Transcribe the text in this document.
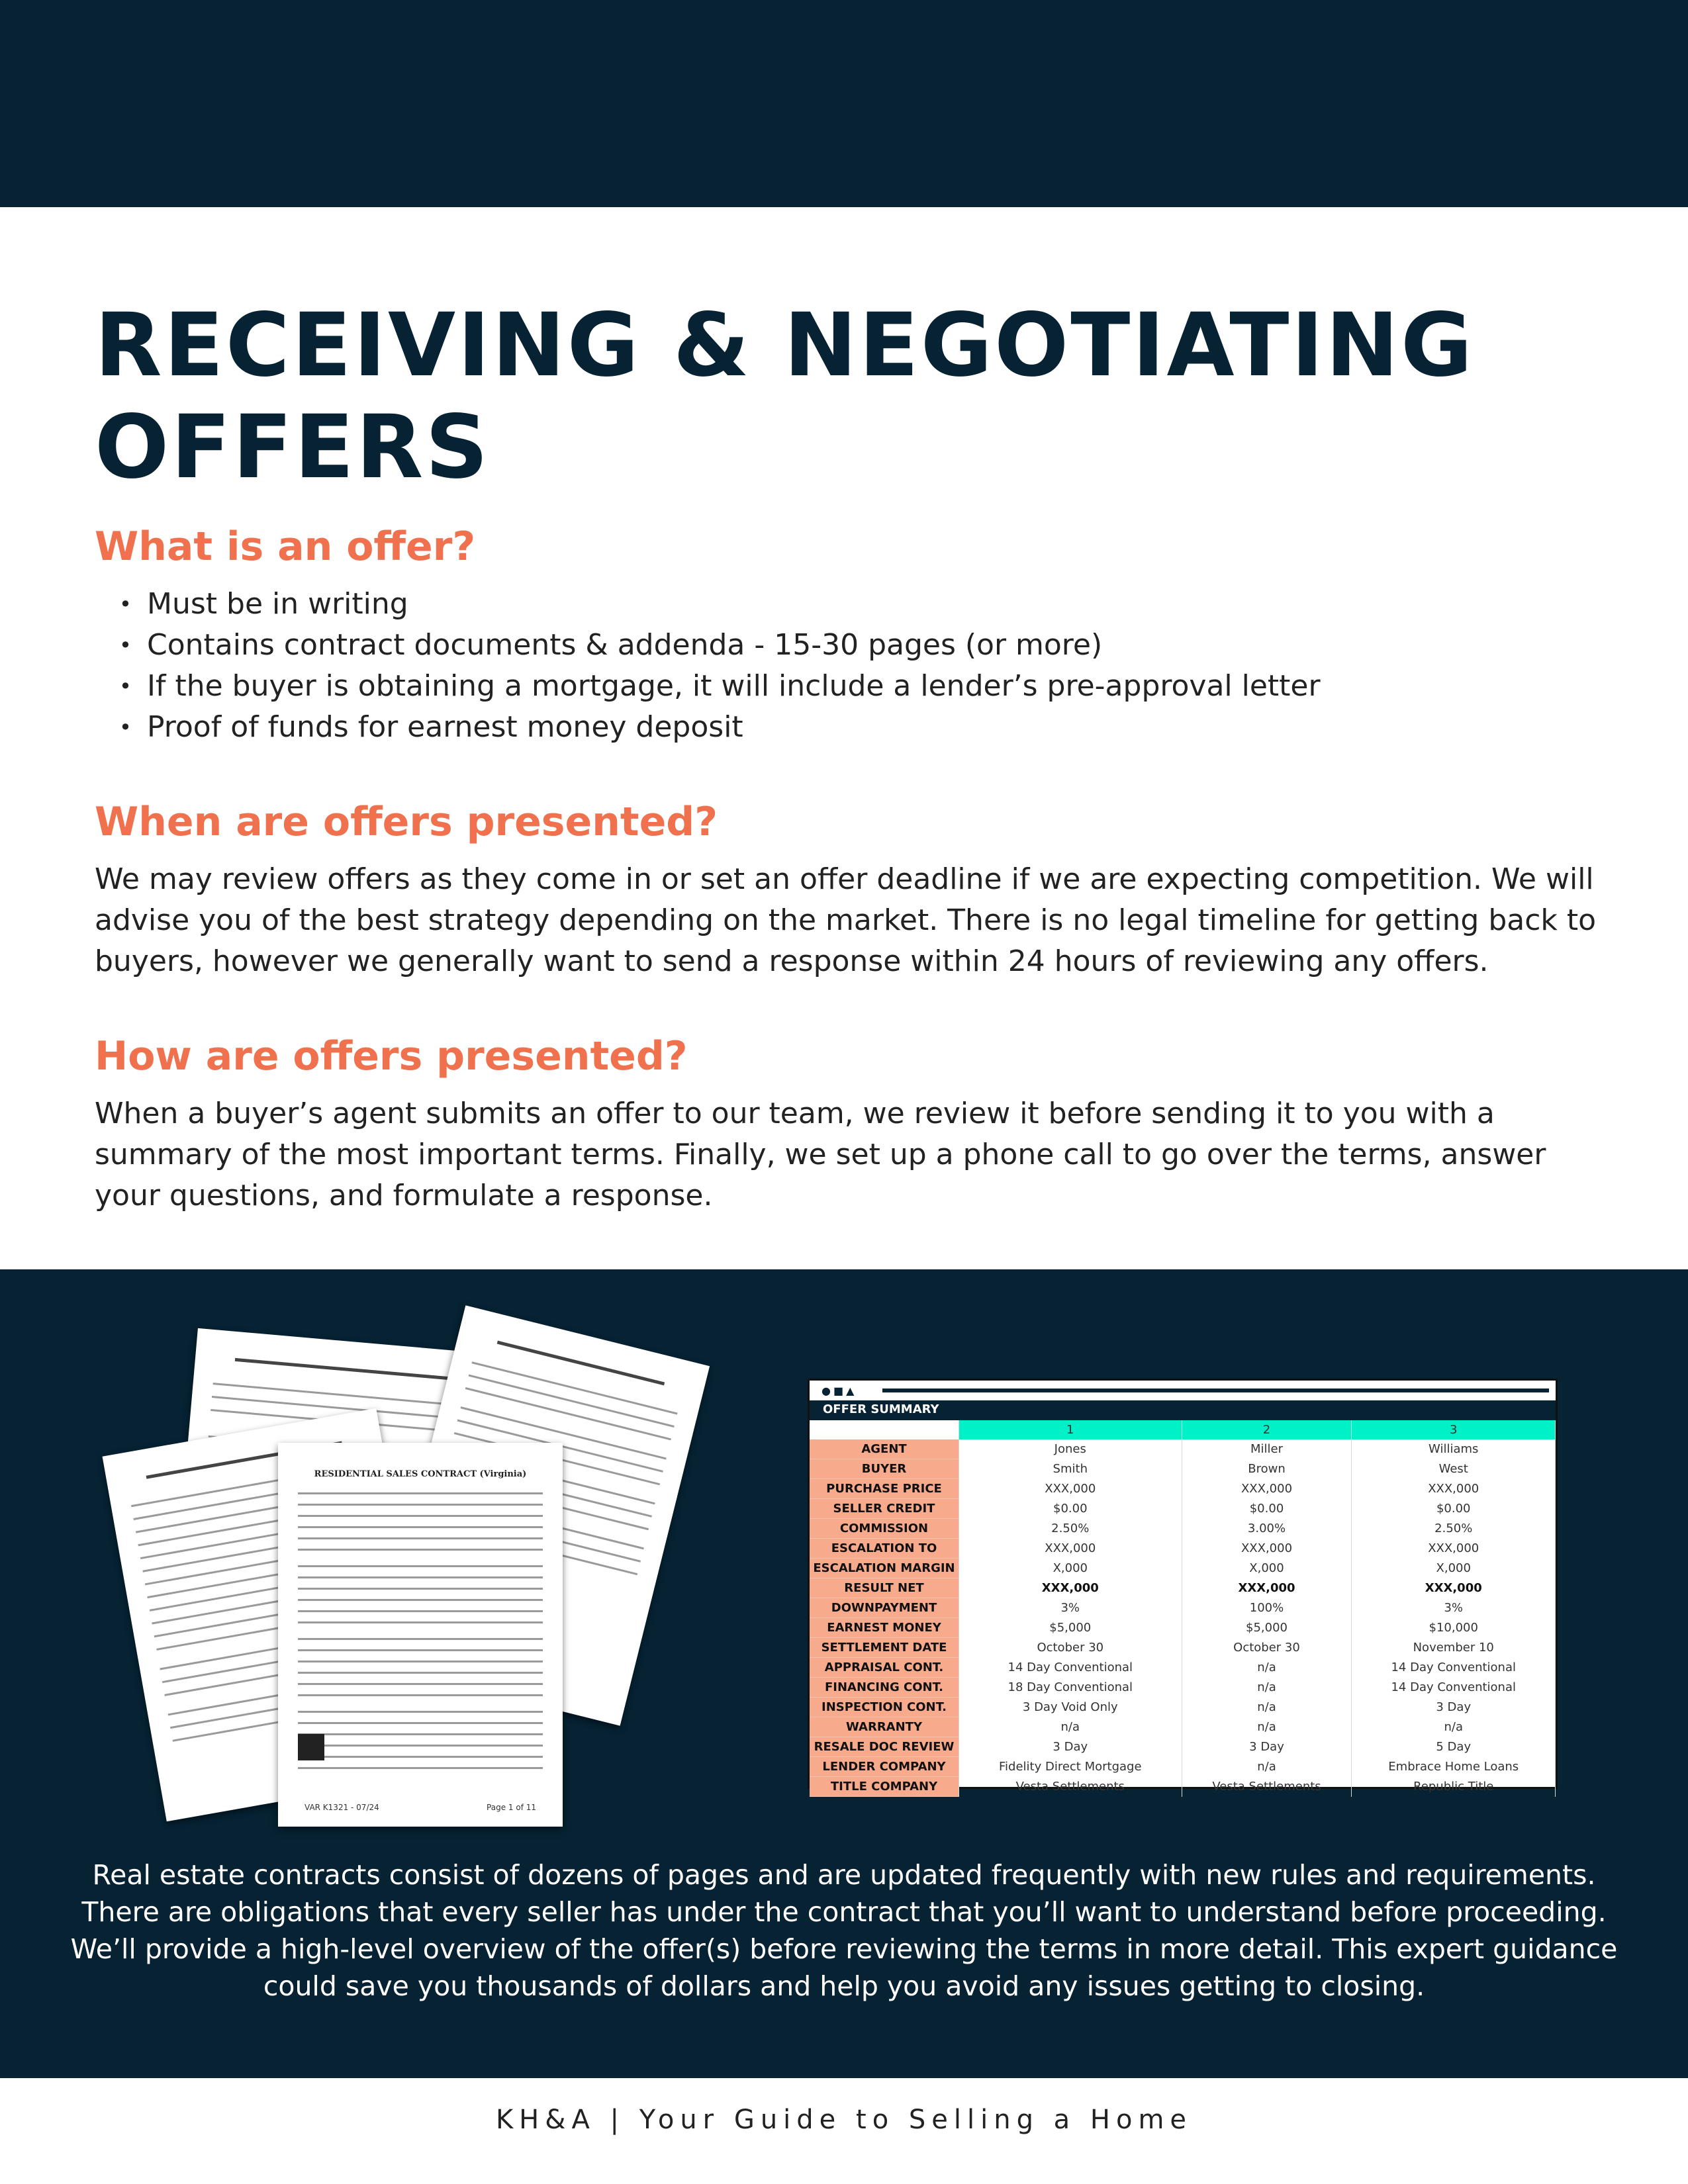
RECEIVING & NEGOTIATING OFFERS
What is an offer?
• Must be in writing
• Contains contract documents & addenda - 15-30 pages (or more)
• If the buyer is obtaining a mortgage, it will include a lender’s pre-approval letter
• Proof of funds for earnest money deposit
When are offers presented?

We may review offers as they come in or set an offer deadline if we are expecting competition. We will advise you of the best strategy depending on the market. There is no legal timeline for getting back to buyers, however we generally want to send a response within 24 hours of reviewing any offers.

How are offers presented?

When a buyer’s agent submits an offer to our team, we review it before sending it to you with a summary of the most important terms. Finally, we set up a phone call to go over the terms, answer your questions, and formulate a response.

RESIDENTIAL SALES CONTRACT (Virginia)
VAR K1321 - 07/24	Page 1 of 11
●■▲
OFFER SUMMARY
	1	2	3
AGENT	Jones	Miller	Williams
BUYER	Smith	Brown	West
PURCHASE PRICE	XXX,000	XXX,000	XXX,000
SELLER CREDIT	$0.00	$0.00	$0.00
COMMISSION	2.50%	3.00%	2.50%
ESCALATION TO	XXX,000	XXX,000	XXX,000
ESCALATION MARGIN	X,000	X,000	X,000
RESULT NET	XXX,000	XXX,000	XXX,000
DOWNPAYMENT	3%	100%	3%
EARNEST MONEY	$5,000	$5,000	$10,000
SETTLEMENT DATE	October 30	October 30	November 10
APPRAISAL CONT.	14 Day Conventional	n/a	14 Day Conventional
FINANCING CONT.	18 Day Conventional	n/a	14 Day Conventional
INSPECTION CONT.	3 Day Void Only	n/a	3 Day
WARRANTY	n/a	n/a	n/a
RESALE DOC REVIEW	3 Day	3 Day	5 Day
LENDER COMPANY	Fidelity Direct Mortgage	n/a	Embrace Home Loans
TITLE COMPANY	Vesta Settlements	Vesta Settlements	Republic Title

Real estate contracts consist of dozens of pages and are updated frequently with new rules and requirements. There are obligations that every seller has under the contract that you’ll want to understand before proceeding. We’ll provide a high-level overview of the offer(s) before reviewing the terms in more detail. This expert guidance could save you thousands of dollars and help you avoid any issues getting to closing.

KH&A | Your Guide to Selling a Home
